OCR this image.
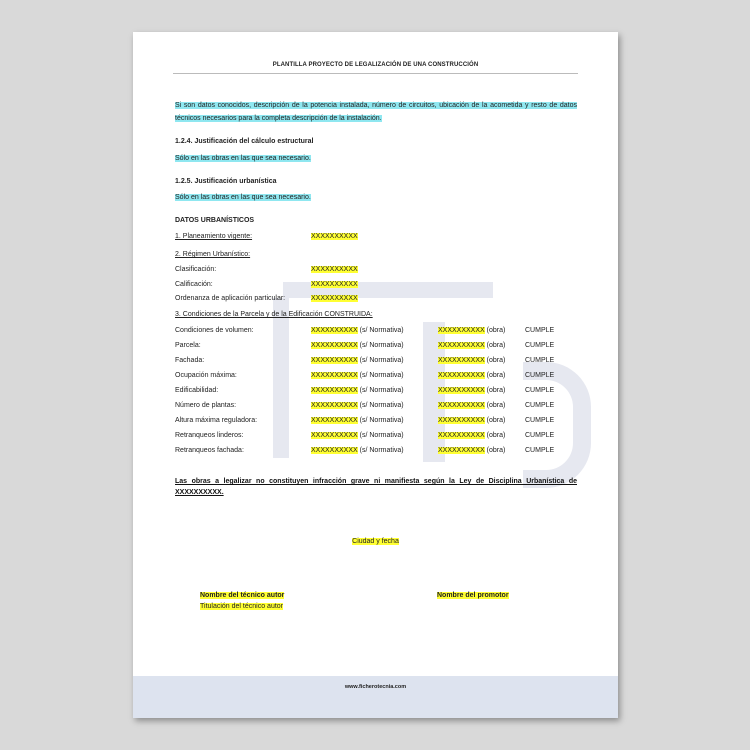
PLANTILLA PROYECTO DE LEGALIZACIÓN DE UNA CONSTRUCCIÓN
Si son datos conocidos, descripción de la potencia instalada, número de circuitos, ubicación de la acometida y resto de datos técnicos necesarios para la completa descripción de la instalación.
1.2.4. Justificación del cálculo estructural
Sólo en las obras en las que sea necesario.
1.2.5. Justificación urbanística
Sólo en las obras en las que sea necesario.
DATOS URBANÍSTICOS
1. Planeamiento vigente:	XXXXXXXXXX
2. Régimen Urbanístico:
Clasificación:	XXXXXXXXXX
Calificación:	XXXXXXXXXX
Ordenanza de aplicación particular:	XXXXXXXXXX
3. Condiciones de la Parcela y de la Edificación CONSTRUIDA:
Condiciones de volumen:	XXXXXXXXXX (s/ Normativa)	XXXXXXXXXX (obra)	CUMPLE
Parcela:	XXXXXXXXXX (s/ Normativa)	XXXXXXXXXX (obra)	CUMPLE
Fachada:	XXXXXXXXXX (s/ Normativa)	XXXXXXXXXX (obra)	CUMPLE
Ocupación máxima:	XXXXXXXXXX (s/ Normativa)	XXXXXXXXXX (obra)	CUMPLE
Edificabilidad:	XXXXXXXXXX (s/ Normativa)	XXXXXXXXXX (obra)	CUMPLE
Número de plantas:	XXXXXXXXXX (s/ Normativa)	XXXXXXXXXX (obra)	CUMPLE
Altura máxima reguladora:	XXXXXXXXXX (s/ Normativa)	XXXXXXXXXX (obra)	CUMPLE
Retranqueos linderos:	XXXXXXXXXX (s/ Normativa)	XXXXXXXXXX (obra)	CUMPLE
Retranqueos fachada:	XXXXXXXXXX (s/ Normativa)	XXXXXXXXXX (obra)	CUMPLE
Las obras a legalizar no constituyen infracción grave ni manifiesta según la Ley de Disciplina Urbanística de XXXXXXXXXX.
Ciudad y fecha
Nombre del técnico autor
Titulación del técnico autor
Nombre del promotor
www.ficherotecnia.com
